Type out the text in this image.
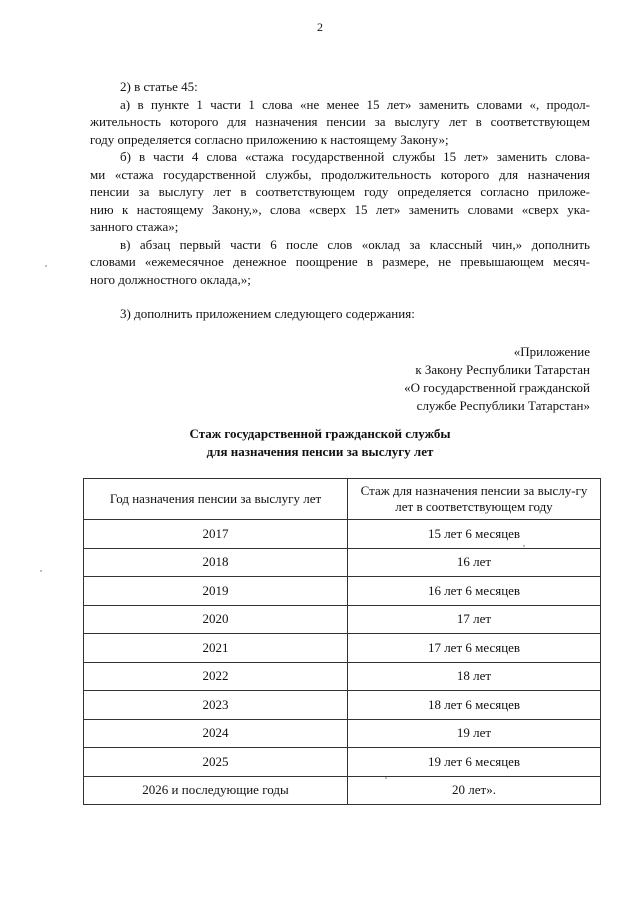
2
2) в статье 45:
а) в пункте 1 части 1 слова «не менее 15 лет» заменить словами «, продол-
жительность которого для назначения пенсии за выслугу лет в соответствующем
году определяется согласно приложению к настоящему Закону»;
б) в части 4 слова «стажа государственной службы 15 лет» заменить слова-
ми «стажа государственной службы, продолжительность которого для назначения
пенсии за выслугу лет в соответствующем году определяется согласно приложе-
нию к настоящему Закону,», слова «сверх 15 лет» заменить словами «сверх ука-
занного стажа»;
в) абзац первый части 6 после слов «оклад за классный чин,» дополнить
словами «ежемесячное денежное поощрение в размере, не превышающем месяч-
ного должностного оклада,»;
3) дополнить приложением следующего содержания:
«Приложение
к Закону Республики Татарстан
«О государственной гражданской
службе Республики Татарстан»
Стаж государственной гражданской службы
для назначения пенсии за выслугу лет
Год назначения пенсии за выслугу лет	Стаж для назначения пенсии за выслу-гу лет в соответствующем году
2017	15 лет 6 месяцев
2018	16 лет
2019	16 лет 6 месяцев
2020	17 лет
2021	17 лет 6 месяцев
2022	18 лет
2023	18 лет 6 месяцев
2024	19 лет
2025	19 лет 6 месяцев
2026 и последующие годы	20 лет».
